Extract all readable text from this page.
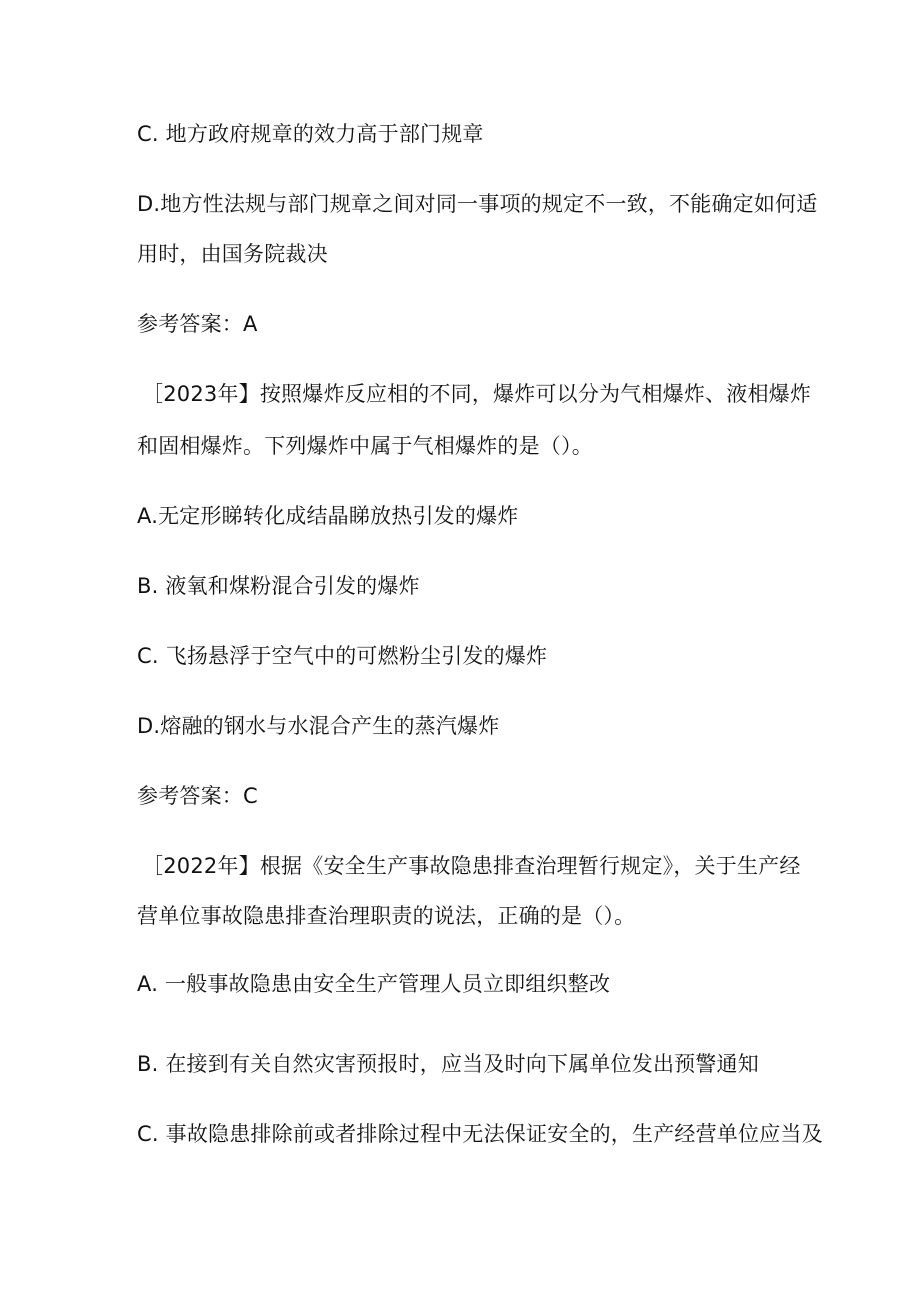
C. 地方政府规章的效力高于部门规章
D.地方性法规与部门规章之间对同一事项的规定不一致，不能确定如何适
用时，由国务院裁决
参考答案：A
［2023年】按照爆炸反应相的不同，爆炸可以分为气相爆炸、液相爆炸
和固相爆炸。下列爆炸中属于气相爆炸的是（）。
A.无定形睇转化成结晶睇放热引发的爆炸
B. 液氧和煤粉混合引发的爆炸
C. 飞扬悬浮于空气中的可燃粉尘引发的爆炸
D.熔融的钢水与水混合产生的蒸汽爆炸
参考答案：C
［2022年】根据《安全生产事故隐患排查治理暂行规定》，关于生产经
营单位事故隐患排查治理职责的说法，正确的是（）。
A. 一般事故隐患由安全生产管理人员立即组织整改
B. 在接到有关自然灾害预报时，应当及时向下属单位发出预警通知
C. 事故隐患排除前或者排除过程中无法保证安全的，生产经营单位应当及
